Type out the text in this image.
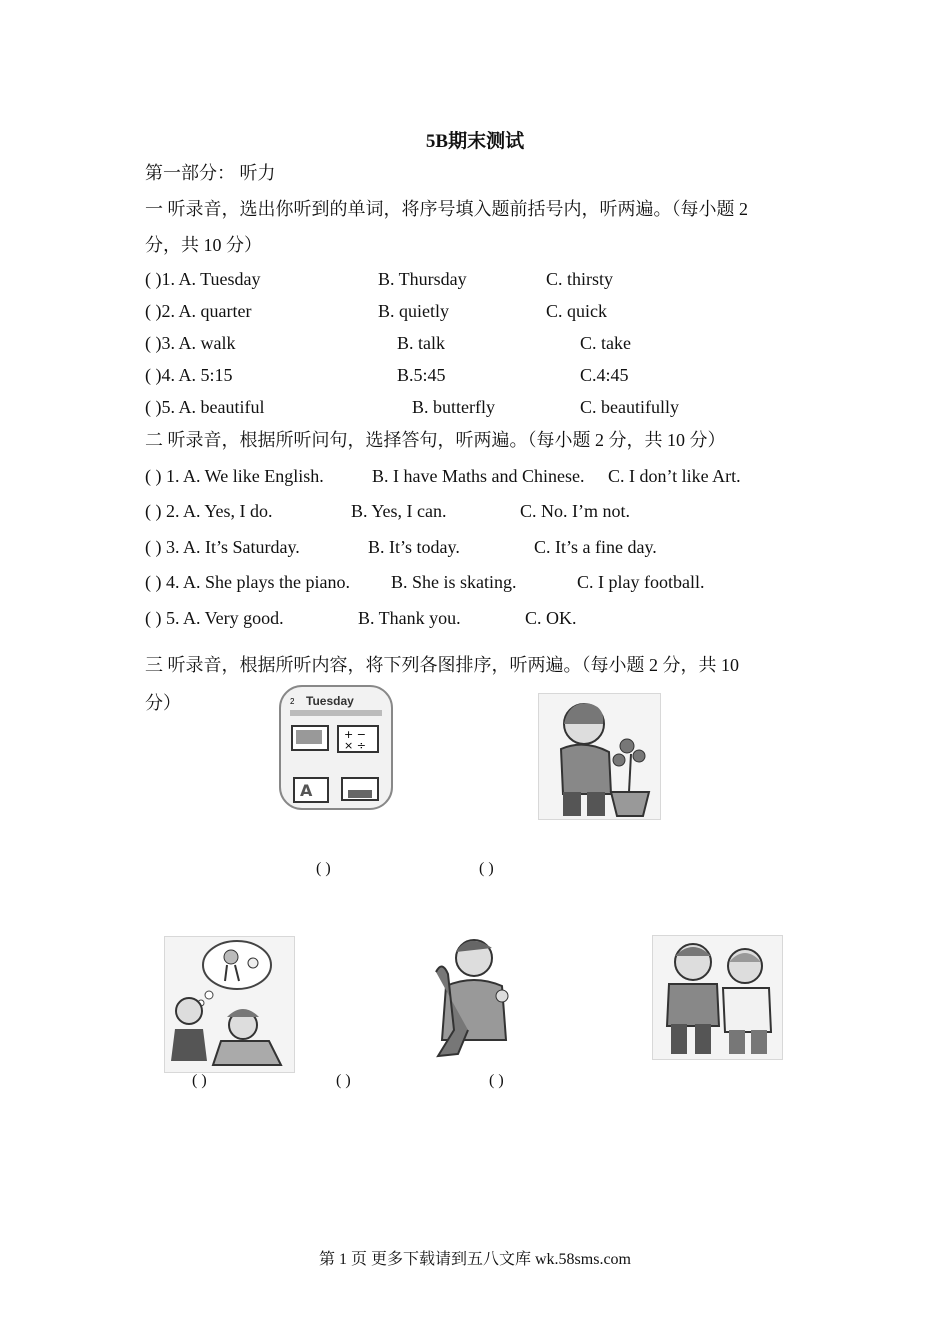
5B期末测试
第一部分： 听力
一 听录音，选出你听到的单词，将序号填入题前括号内，听两遍。（每小题 2
分，共 10 分）
( )1. A. Tuesday	B. Thursday	C. thirsty
( )2. A. quarter	B. quietly	C. quick
( )3. A. walk	B. talk	C. take
( )4. A. 5:15	B.5:45	C.4:45
( )5. A. beautiful	B. butterfly	C. beautifully
二 听录音，根据所听问句，选择答句，听两遍。（每小题 2 分，共 10 分）
( ) 1. A. We like English.	B. I have Maths and Chinese. C. I don’t like Art.
( ) 2. A. Yes, I do.	B. Yes, I can.	C. No. I’m not.
( ) 3. A. It’s Saturday.	B. It’s today.	C. It’s a fine day.
( ) 4. A. She plays the piano. B. She is skating.	C. I play football.
( ) 5. A. Very good.	B. Thank you.	C. OK.
三 听录音，根据所听内容，将下列各图排序，听两遍。（每小题 2 分，共 10
分）	2 Tuesday
+ −
× ÷
A
( )	( )
( )	( )	( )
第 1 页 更多下载请到五八文库 wk.58sms.com
